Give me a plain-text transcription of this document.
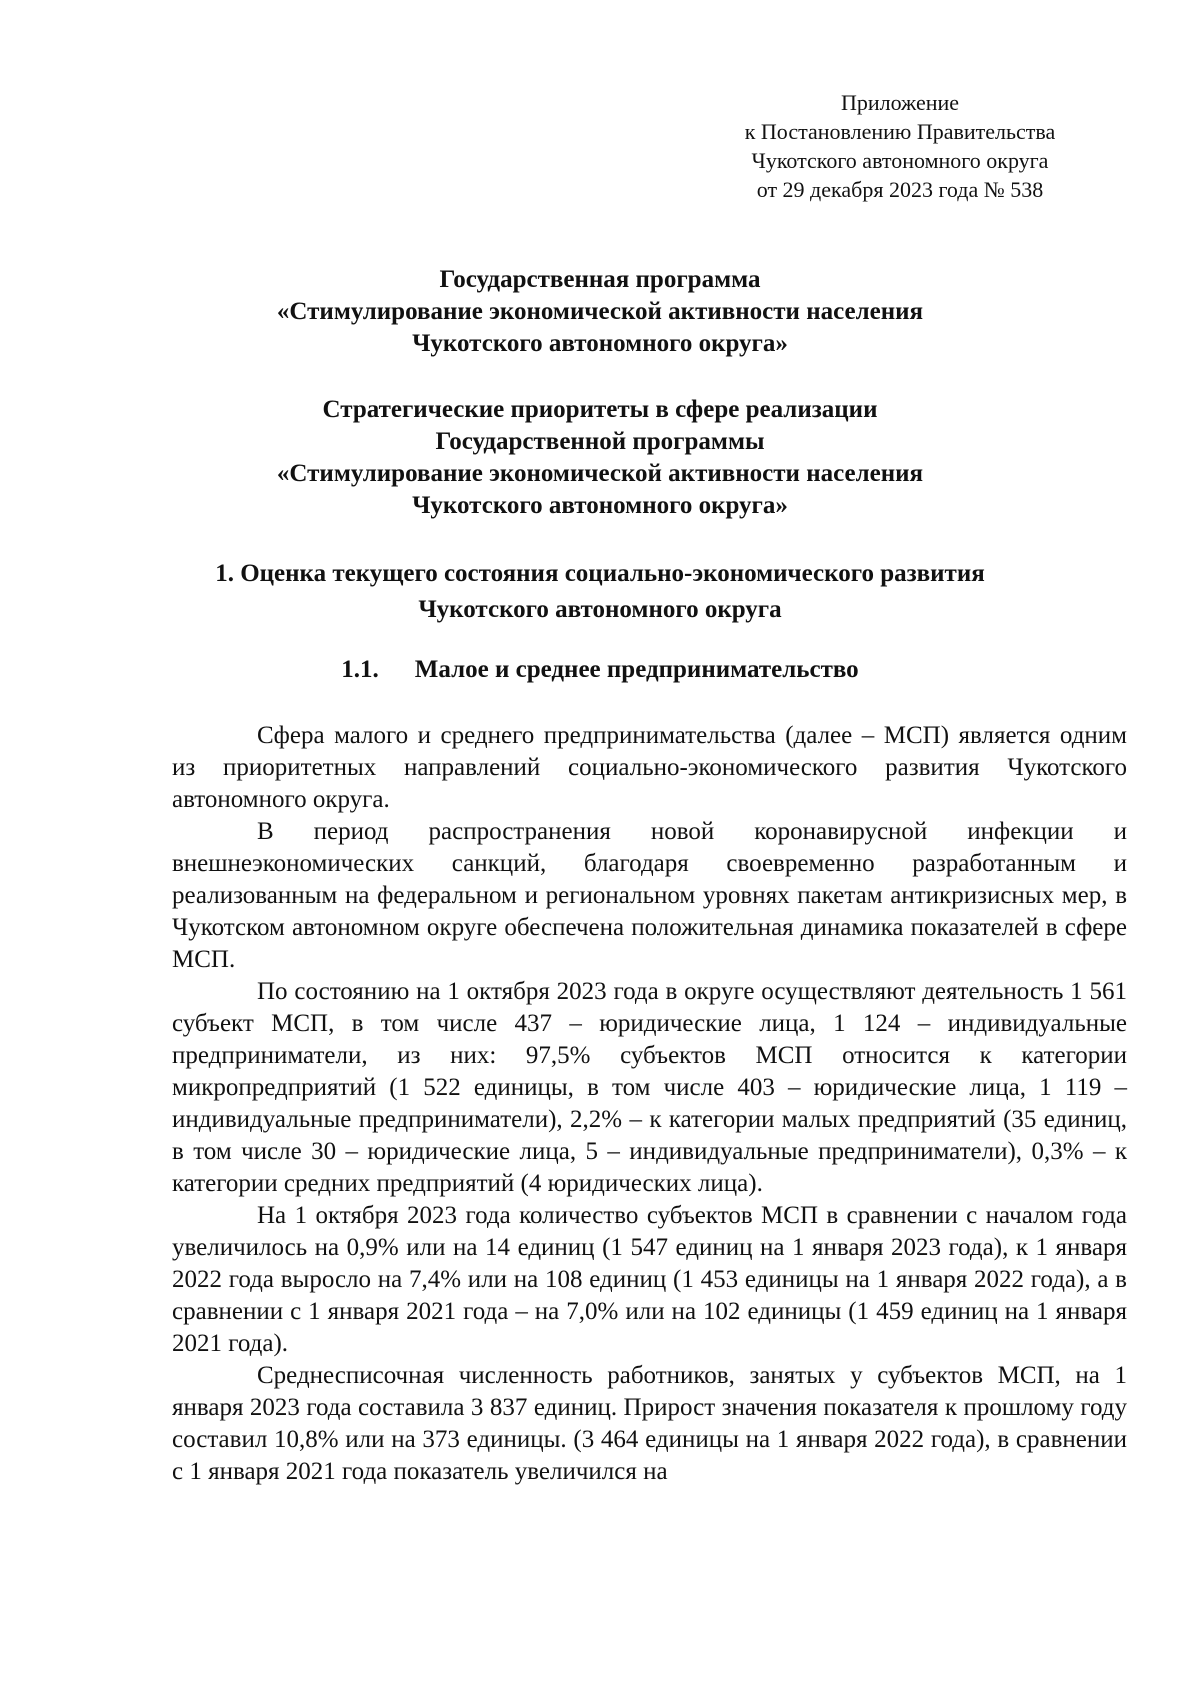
Приложение
к Постановлению Правительства
Чукотского автономного округа
от 29 декабря 2023 года № 538
Государственная программа
«Стимулирование экономической активности населения
Чукотского автономного округа»
Стратегические приоритеты в сфере реализации
Государственной программы
«Стимулирование экономической активности населения
Чукотского автономного округа»
1. Оценка текущего состояния социально-экономического развития
Чукотского автономного округа
1.1. Малое и среднее предпринимательство

Сфера малого и среднего предпринимательства (далее – МСП) является одним из приоритетных направлений социально-экономического развития Чукотского автономного округа.

В период распространения новой коронавирусной инфекции и внешнеэкономических санкций, благодаря своевременно разработанным и реализованным на федеральном и региональном уровнях пакетам антикризисных мер, в Чукотском автономном округе обеспечена положительная динамика показателей в сфере МСП.

По состоянию на 1 октября 2023 года в округе осуществляют деятельность 1 561 субъект МСП, в том числе 437 – юридические лица, 1 124 – индивидуальные предприниматели, из них: 97,5% субъектов МСП относится к категории микропредприятий (1 522 единицы, в том числе 403 – юридические лица, 1 119 – индивидуальные предприниматели), 2,2% – к категории малых предприятий (35 единиц, в том числе 30 – юридические лица, 5 – индивидуальные предприниматели), 0,3% – к категории средних предприятий (4 юридических лица).

На 1 октября 2023 года количество субъектов МСП в сравнении с началом года увеличилось на 0,9% или на 14 единиц (1 547 единиц на 1 января 2023 года), к 1 января 2022 года выросло на 7,4% или на 108 единиц (1 453 единицы на 1 января 2022 года), а в сравнении с 1 января 2021 года – на 7,0% или на 102 единицы (1 459 единиц на 1 января 2021 года).

Среднесписочная численность работников, занятых у субъектов МСП, на 1 января 2023 года составила 3 837 единиц. Прирост значения показателя к прошлому году составил 10,8% или на 373 единицы. (3 464 единицы на 1 января 2022 года), в сравнении с 1 января 2021 года показатель увеличился на
